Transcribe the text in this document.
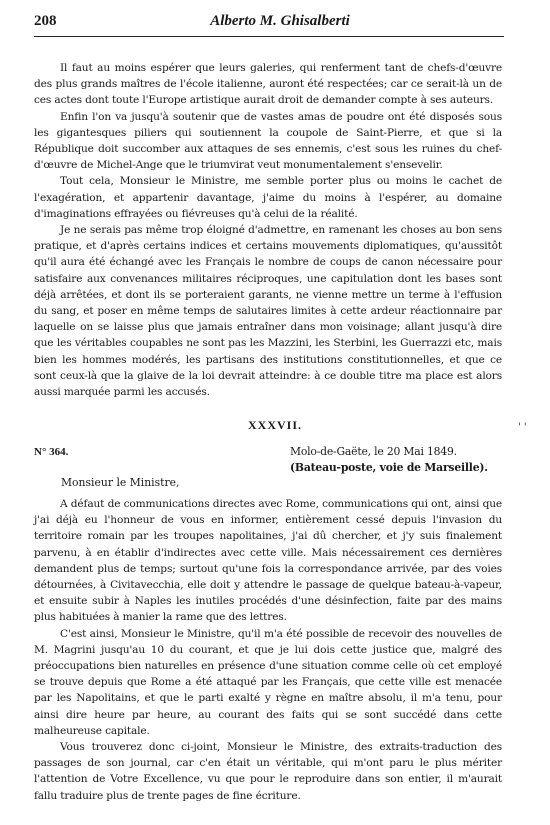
208	Alberto M. Ghisalberti

Il faut au moins espérer que leurs galeries, qui renferment tant de chefs-d'œuvre des plus grands maîtres de l'école italienne, auront été respectées; car ce serait-là un de ces actes dont toute l'Europe artistique aurait droit de demander compte à ses auteurs.

Enfin l'on va jusqu'à soutenir que de vastes amas de poudre ont été disposés sous les gigantesques piliers qui soutiennent la coupole de Saint-Pierre, et que si la République doit succomber aux attaques de ses ennemis, c'est sous les ruines du chef-d'œuvre de Michel-Ange que le triumvirat veut monumentalement s'ensevelir.

Tout cela, Monsieur le Ministre, me semble porter plus ou moins le cachet de l'exagération, et appartenir davantage, j'aime du moins à l'espérer, au domaine d'imaginations effrayées ou fiévreuses qu'à celui de la réalité.

Je ne serais pas même trop éloigné d'admettre, en ramenant les choses au bon sens pratique, et d'après certains indices et certains mouvements diplomatiques, qu'aussitôt qu'il aura été échangé avec les Français le nombre de coups de canon nécessaire pour satisfaire aux convenances militaires réciproques, une capitulation dont les bases sont déjà arrêtées, et dont ils se porteraient garants, ne vienne mettre un terme à l'effusion du sang, et poser en même temps de salutaires limites à cette ardeur réactionnaire par laquelle on se laisse plus que jamais entraîner dans mon voisinage; allant jusqu'à dire que les véritables coupables ne sont pas les Mazzini, les Sterbini, les Guerrazzi etc, mais bien les hommes modérés, les partisans des institutions constitutionnelles, et que ce sont ceux-là que la glaive de la loi devrait atteindre: à ce double titre ma place est alors aussi marquée parmi les accusés.

XXXVII.	' '
N° 364.	Molo-de-Gaëte, le 20 Mai 1849.
(Bateau-poste, voie de Marseille).
Monsieur le Ministre,

A défaut de communications directes avec Rome, communications qui ont, ainsi que j'ai déjà eu l'honneur de vous en informer, entièrement cessé depuis l'invasion du territoire romain par les troupes napolitaines, j'ai dû chercher, et j'y suis finalement parvenu, à en établir d'indirectes avec cette ville. Mais nécessairement ces dernières demandent plus de temps; surtout qu'une fois la correspondance arrivée, par des voies détournées, à Civitavecchia, elle doit y attendre le passage de quelque bateau-à-vapeur, et ensuite subir à Naples les inutiles procédés d'une désinfection, faite par des mains plus habituées à manier la rame que des lettres.

C'est ainsi, Monsieur le Ministre, qu'il m'a été possible de recevoir des nouvelles de M. Magrini jusqu'au 10 du courant, et que je lui dois cette justice que, malgré des préoccupations bien naturelles en présence d'une situation comme celle où cet employé se trouve depuis que Rome a été attaqué par les Français, que cette ville est menacée par les Napolitains, et que le parti exalté y règne en maître absolu, il m'a tenu, pour ainsi dire heure par heure, au courant des faits qui se sont succédé dans cette malheureuse capitale.

Vous trouverez donc ci-joint, Monsieur le Ministre, des extraits-traduction des passages de son journal, car c'en était un véritable, qui m'ont paru le plus mériter l'attention de Votre Excellence, vu que pour le reproduire dans son entier, il m'aurait fallu traduire plus de trente pages de fine écriture.
